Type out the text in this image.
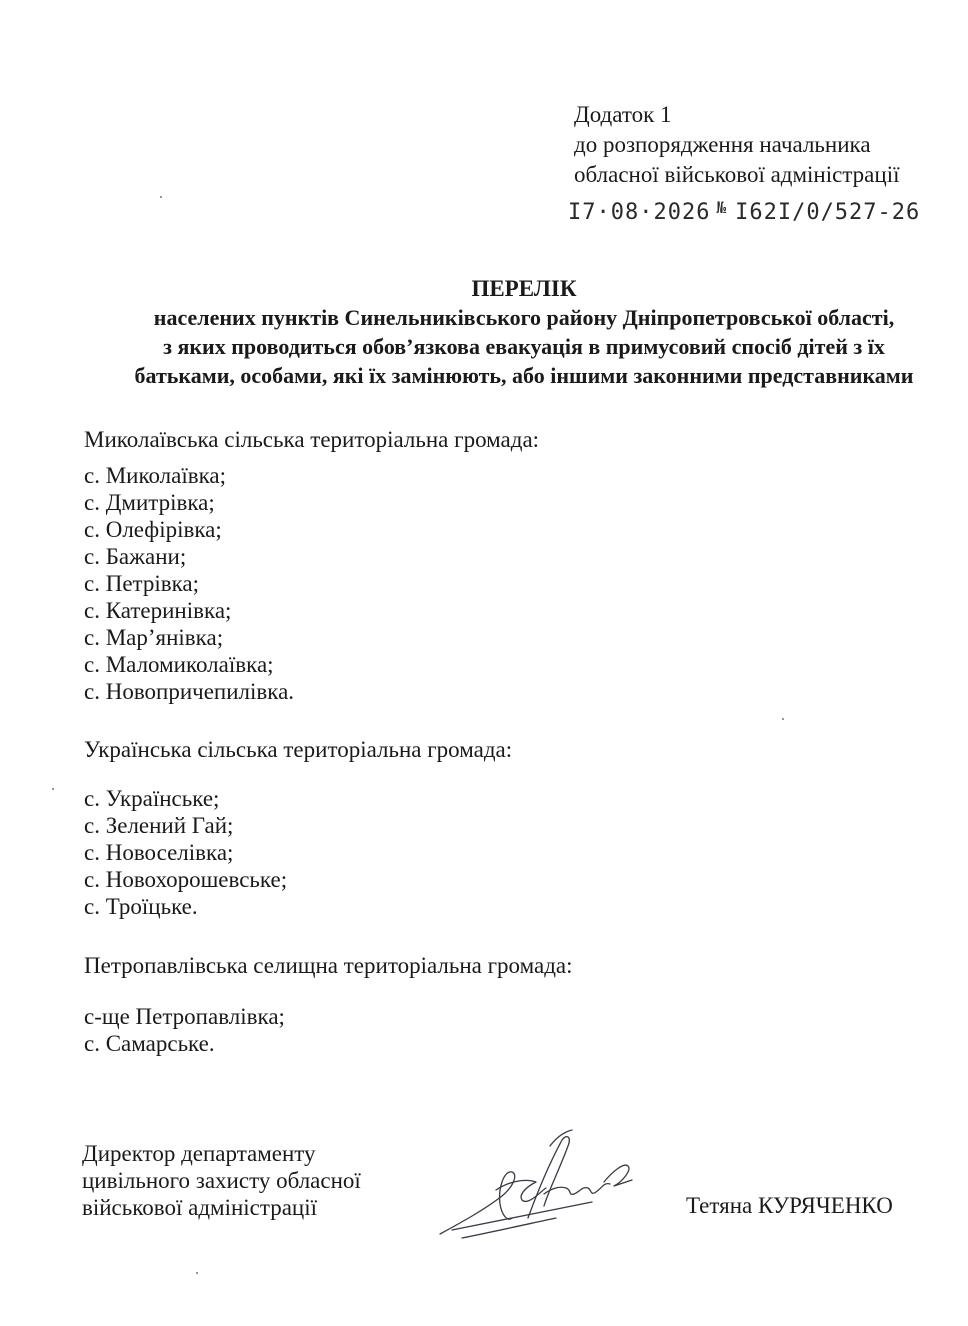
Додаток 1
до розпорядження начальника
обласної військової адміністрації
I7·08·2026 № I62I/0/527-26
ПЕРЕЛІК
населених пунктів Синельниківського району Дніпропетровської області,
з яких проводиться обов’язкова евакуація в примусовий спосіб дітей з їх
батьками, особами, які їх замінюють, або іншими законними представниками
Миколаївська сільська територіальна громада:
с. Миколаївка;
с. Дмитрівка;
с. Олефірівка;
с. Бажани;
с. Петрівка;
с. Катеринівка;
с. Мар’янівка;
с. Маломиколаївка;
с. Новопричепилівка.
Українська сільська територіальна громада:
с. Українське;
с. Зелений Гай;
с. Новоселівка;
с. Новохорошевське;
с. Троїцьке.
Петропавлівська селищна територіальна громада:
с-ще Петропавлівка;
с. Самарське.
Директор департаменту
цивільного захисту обласної
військової адміністрації	Тетяна КУРЯЧЕНКО
